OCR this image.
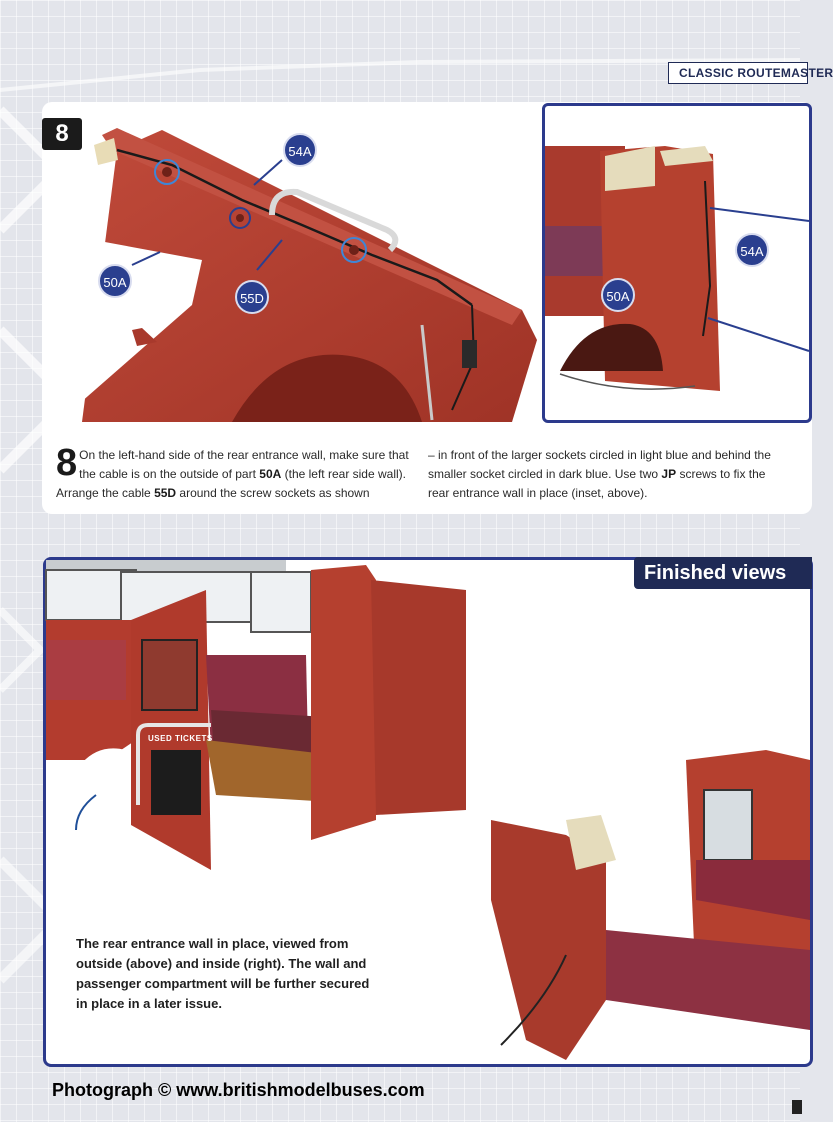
CLASSIC ROUTEMASTER
8
54A
50A
55D
54A
50A
8 On the left-hand side of the rear entrance wall, make sure that the cable is on the outside of part 50A (the left rear side wall). Arrange the cable 55D around the screw sockets as shown
– in front of the larger sockets circled in light blue and behind the smaller socket circled in dark blue. Use two JP screws to fix the rear entrance wall in place (inset, above).
USED TICKETS
Finished views
The rear entrance wall in place, viewed from outside (above) and inside (right). The wall and passenger compartment will be further secured in place in a later issue.
Photograph © www.britishmodelbuses.com
